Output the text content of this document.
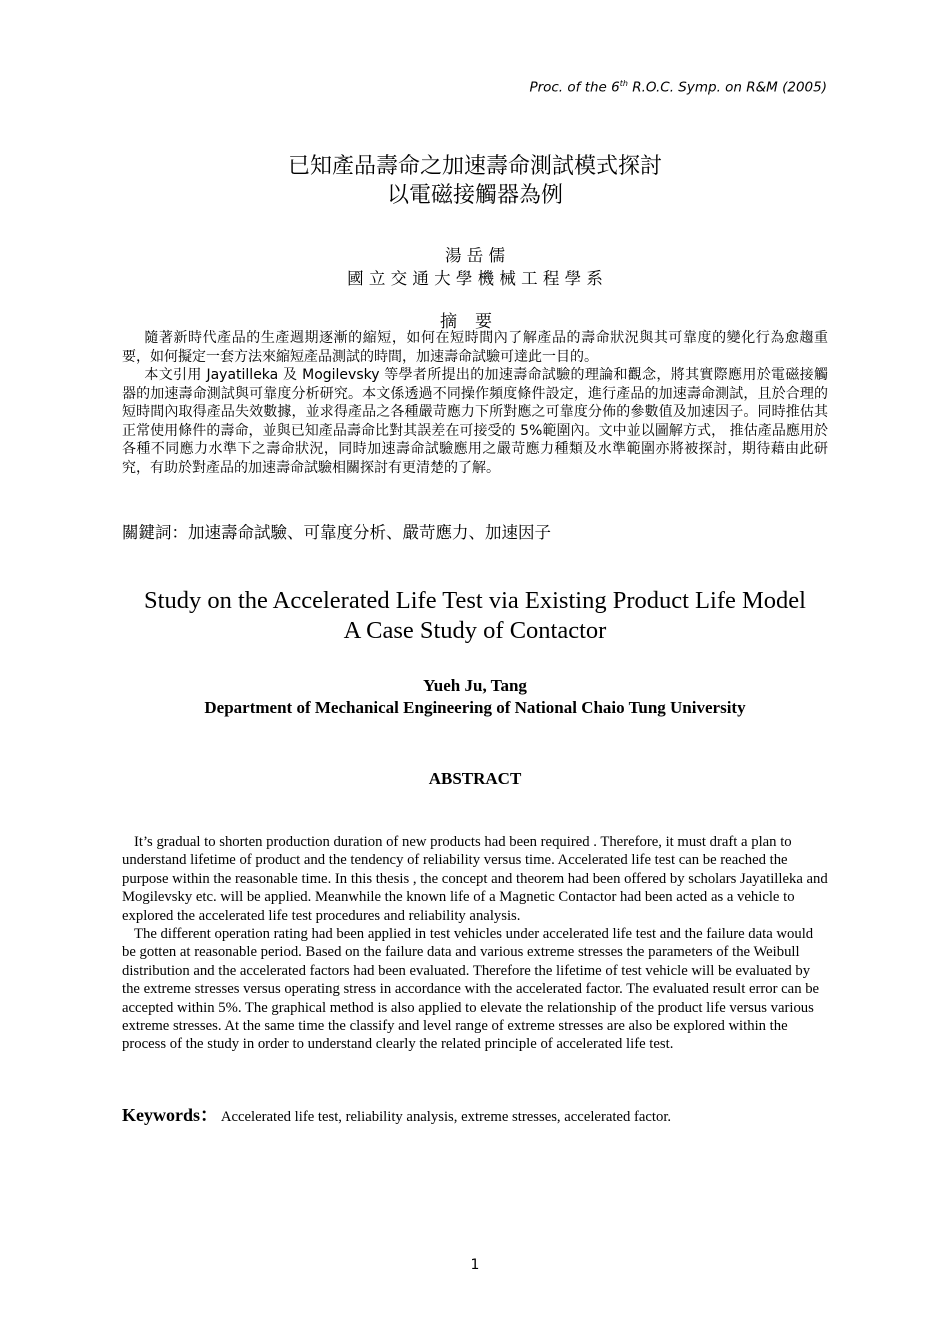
Proc. of the 6th R.O.C. Symp. on R&M (2005)
已知產品壽命之加速壽命測試模式探討
以電磁接觸器為例
湯 岳 儒
國 立 交 通 大 學 機 械 工 程 學 系
摘要

隨著新時代產品的生產週期逐漸的縮短，如何在短時間內了解產品的壽命狀況與其可靠度的變化行為愈趨重要，如何擬定一套方法來縮短產品測試的時間，加速壽命試驗可達此一目的。

本文引用 Jayatilleka 及 Mogilevsky 等學者所提出的加速壽命試驗的理論和觀念，將其實際應用於電磁接觸器的加速壽命測試與可靠度分析研究。本文係透過不同操作頻度條件設定，進行產品的加速壽命測試，且於合理的短時間內取得產品失效數據，並求得產品之各種嚴苛應力下所對應之可靠度分佈的參數值及加速因子。同時推估其正常使用條件的壽命，並與已知產品壽命比對其誤差在可接受的 5%範圍內。文中並以圖解方式， 推估產品應用於各種不同應力水準下之壽命狀況，同時加速壽命試驗應用之嚴苛應力種類及水準範圍亦將被探討，期待藉由此研究，有助於對產品的加速壽命試驗相關探討有更清楚的了解。

關鍵詞：加速壽命試驗、可靠度分析、嚴苛應力、加速因子
Study on the Accelerated Life Test via Existing Product Life Model
A Case Study of Contactor
Yueh Ju, Tang
Department of Mechanical Engineering of National Chaio Tung University
ABSTRACT

It’s gradual to shorten production duration of new products had been required . Therefore, it must draft a plan to understand lifetime of product and the tendency of reliability versus time. Accelerated life test can be reached the purpose within the reasonable time. In this thesis , the concept and theorem had been offered by scholars Jayatilleka and Mogilevsky etc. will be applied. Meanwhile the known life of a Magnetic Contactor had been acted as a vehicle to explored the accelerated life test procedures and reliability analysis.

The different operation rating had been applied in test vehicles under accelerated life test and the failure data would be gotten at reasonable period. Based on the failure data and various extreme stresses the parameters of the Weibull distribution and the accelerated factors had been evaluated. Therefore the lifetime of test vehicle will be evaluated by the extreme stresses versus operating stress in accordance with the accelerated factor. The evaluated result error can be accepted within 5%. The graphical method is also applied to elevate the relationship of the product life versus various extreme stresses. At the same time the classify and level range of extreme stresses are also be explored within the process of the study in order to understand clearly the related principle of accelerated life test.

Keywords： Accelerated life test, reliability analysis, extreme stresses, accelerated factor.
1
